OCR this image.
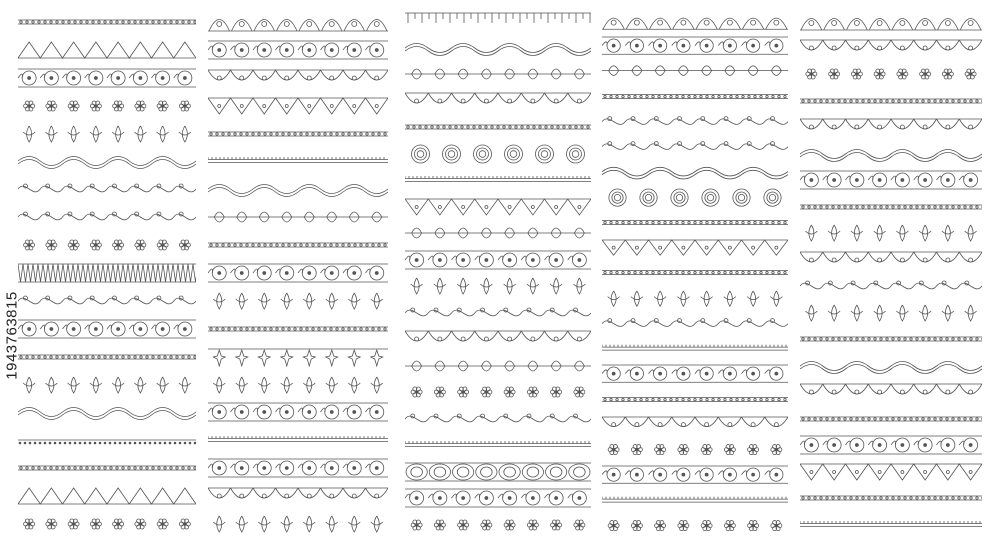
1943763815
